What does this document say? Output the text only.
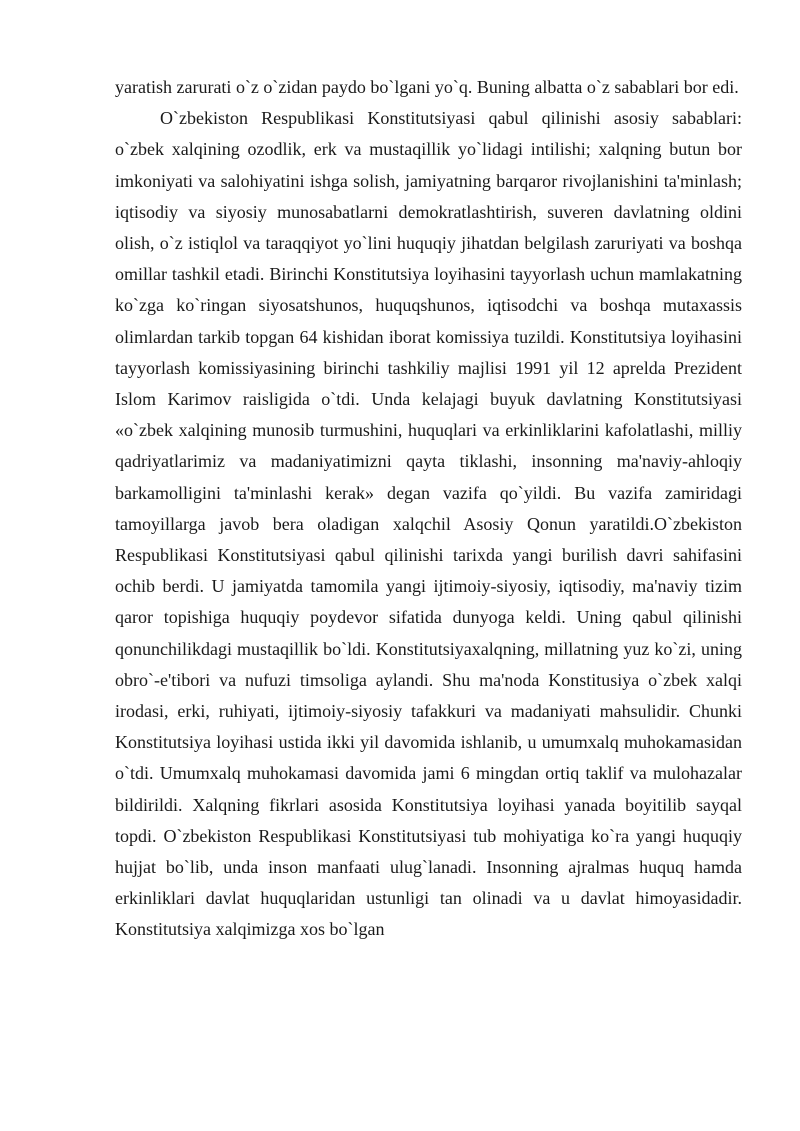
yaratish zarurati o`z o`zidan paydo bo`lgani yo`q. Buning albatta o`z sabablari bor edi.

O`zbekiston Respublikasi Konstitutsiyasi qabul qilinishi asosiy sabablari: o`zbek xalqining ozodlik, erk va mustaqillik yo`lidagi intilishi; xalqning butun bor imkoniyati va salohiyatini ishga solish, jamiyatning barqaror rivojlanishini ta'minlash; iqtisodiy va siyosiy munosabatlarni demokratlashtirish, suveren davlatning oldini olish, o`z istiqlol va taraqqiyot yo`lini huquqiy jihatdan belgilash zaruriyati va boshqa omillar tashkil etadi. Birinchi Konstitutsiya loyihasini tayyorlash uchun mamlakatning ko`zga ko`ringan siyosatshunos, huquqshunos, iqtisodchi va boshqa mutaxassis olimlardan tarkib topgan 64 kishidan iborat komissiya tuzildi. Konstitutsiya loyihasini tayyorlash komissiyasining birinchi tashkiliy majlisi 1991 yil 12 aprelda Prezident Islom Karimov raisligida o`tdi. Unda kelajagi buyuk davlatning Konstitutsiyasi «o`zbek xalqining munosib turmushini, huquqlari va erkinliklarini kafolatlashi, milliy qadriyatlarimiz va madaniyatimizni qayta tiklashi, insonning ma'naviy-ahloqiy barkamolligini ta'minlashi kerak» degan vazifa qo`yildi. Bu vazifa zamiridagi tamoyillarga javob bera oladigan xalqchil Asosiy Qonun yaratildi.O`zbekiston Respublikasi Konstitutsiyasi qabul qilinishi tarixda yangi burilish davri sahifasini ochib berdi. U jamiyatda tamomila yangi ijtimoiy-siyosiy, iqtisodiy, ma'naviy tizim qaror topishiga huquqiy poydevor sifatida dunyoga keldi. Uning qabul qilinishi qonunchilikdagi mustaqillik bo`ldi. Konstitutsiyaxalqning, millatning yuz ko`zi, uning obro`-e'tibori va nufuzi timsoliga aylandi. Shu ma'noda Konstitusiya o`zbek xalqi irodasi, erki, ruhiyati, ijtimoiy-siyosiy tafakkuri va madaniyati mahsulidir. Chunki Konstitutsiya loyihasi ustida ikki yil davomida ishlanib, u umumxalq muhokamasidan o`tdi. Umumxalq muhokamasi davomida jami 6 mingdan ortiq taklif va mulohazalar bildirildi. Xalqning fikrlari asosida Konstitutsiya loyihasi yanada boyitilib sayqal topdi. O`zbekiston Respublikasi Konstitutsiyasi tub mohiyatiga ko`ra yangi huquqiy hujjat bo`lib, unda inson manfaati ulug`lanadi. Insonning ajralmas huquq hamda erkinliklari davlat huquqlaridan ustunligi tan olinadi va u davlat himoyasidadir. Konstitutsiya xalqimizga xos bo`lgan
